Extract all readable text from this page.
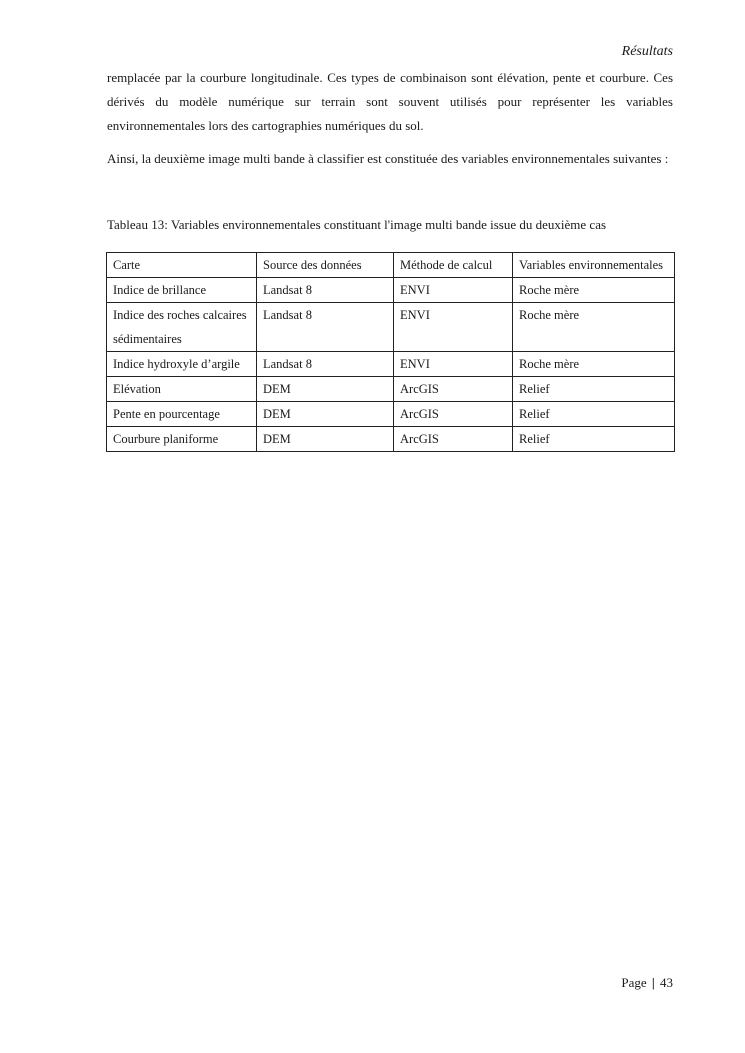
Résultats

remplacée par la courbure longitudinale. Ces types de combinaison sont élévation, pente et courbure. Ces dérivés du modèle numérique sur terrain sont souvent utilisés pour représenter les variables environnementales lors des cartographies numériques du sol.

Ainsi, la deuxième image multi bande à classifier est constituée des variables environnementales suivantes :

Tableau 13: Variables environnementales constituant l'image multi bande issue du deuxième cas
Carte	Source des données	Méthode de calcul	Variables environnementales
Indice de brillance	Landsat 8	ENVI	Roche mère
Indice des roches calcaires sédimentaires	Landsat 8	ENVI	Roche mère
Indice hydroxyle d’argile	Landsat 8	ENVI	Roche mère
Elévation	DEM	ArcGIS	Relief
Pente en pourcentage	DEM	ArcGIS	Relief
Courbure planiforme	DEM	ArcGIS	Relief
Page | 43
